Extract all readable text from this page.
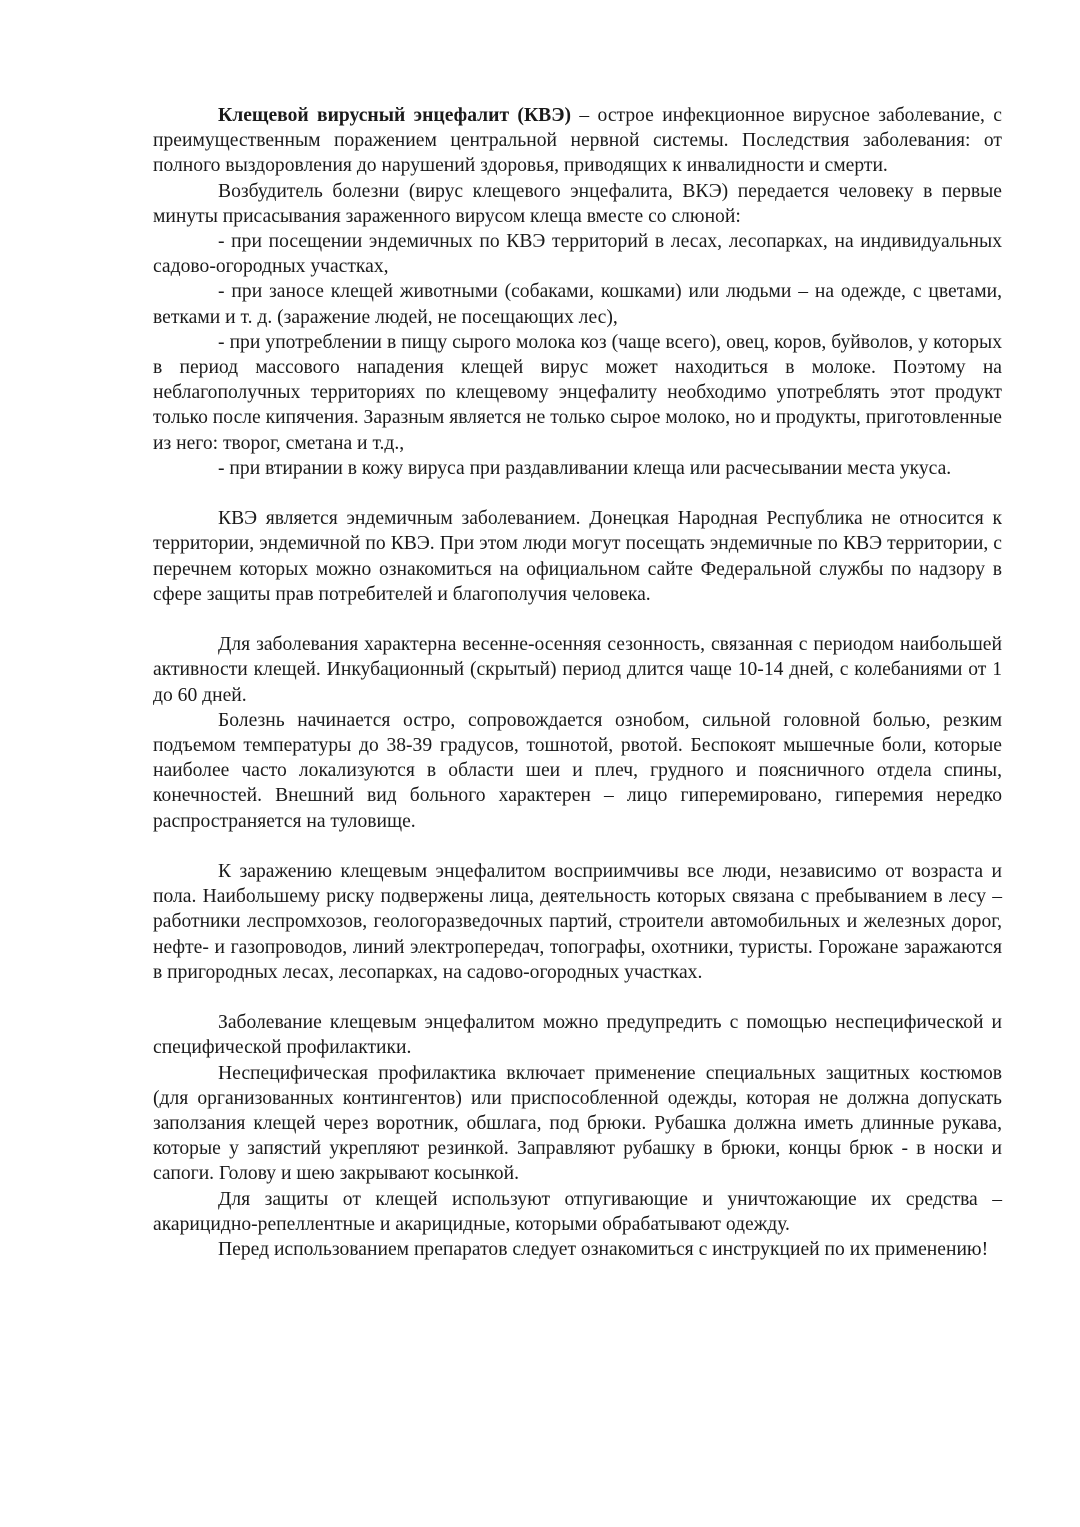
Клещевой вирусный энцефалит (КВЭ) – острое инфекционное вирусное заболевание, с преимущественным поражением центральной нервной системы. Последствия заболевания: от полного выздоровления до нарушений здоровья, приводящих к инвалидности и смерти.

Возбудитель болезни (вирус клещевого энцефалита, ВКЭ) передается человеку в первые минуты присасывания зараженного вирусом клеща вместе со слюной:

- при посещении эндемичных по КВЭ территорий в лесах, лесопарках, на индивидуальных садово-огородных участках,

- при заносе клещей животными (собаками, кошками) или людьми – на одежде, с цветами, ветками и т. д. (заражение людей, не посещающих лес),

- при употреблении в пищу сырого молока коз (чаще всего), овец, коров, буйволов, у которых в период массового нападения клещей вирус может находиться в молоке. Поэтому на неблагополучных территориях по клещевому энцефалиту необходимо употреблять этот продукт только после кипячения. Заразным является не только сырое молоко, но и продукты, приготовленные из него: творог, сметана и т.д.,

- при втирании в кожу вируса при раздавливании клеща или расчесывании места укуса.

КВЭ является эндемичным заболеванием. Донецкая Народная Республика не относится к территории, эндемичной по КВЭ. При этом люди могут посещать эндемичные по КВЭ территории, с перечнем которых можно ознакомиться на официальном сайте Федеральной службы по надзору в сфере защиты прав потребителей и благополучия человека.

Для заболевания характерна весенне-осенняя сезонность, связанная с периодом наибольшей активности клещей. Инкубационный (скрытый) период длится чаще 10-14 дней, с колебаниями от 1 до 60 дней.

Болезнь начинается остро, сопровождается ознобом, сильной головной болью, резким подъемом температуры до 38-39 градусов, тошнотой, рвотой. Беспокоят мышечные боли, которые наиболее часто локализуются в области шеи и плеч, грудного и поясничного отдела спины, конечностей. Внешний вид больного характерен – лицо гиперемировано, гиперемия нередко распространяется на туловище.

К заражению клещевым энцефалитом восприимчивы все люди, независимо от возраста и пола. Наибольшему риску подвержены лица, деятельность которых связана с пребыванием в лесу – работники леспромхозов, геологоразведочных партий, строители автомобильных и железных дорог, нефте- и газопроводов, линий электропередач, топографы, охотники, туристы. Горожане заражаются в пригородных лесах, лесопарках, на садово-огородных участках.

Заболевание клещевым энцефалитом можно предупредить с помощью неспецифической и специфической профилактики.

Неспецифическая профилактика включает применение специальных защитных костюмов (для организованных контингентов) или приспособленной одежды, которая не должна допускать заползания клещей через воротник, обшлага, под брюки. Рубашка должна иметь длинные рукава, которые у запястий укрепляют резинкой. Заправляют рубашку в брюки, концы брюк - в носки и сапоги. Голову и шею закрывают косынкой.

Для защиты от клещей используют отпугивающие и уничтожающие их средства – акарицидно-репеллентные и акарицидные, которыми обрабатывают одежду.

Перед использованием препаратов следует ознакомиться с инструкцией по их применению!
